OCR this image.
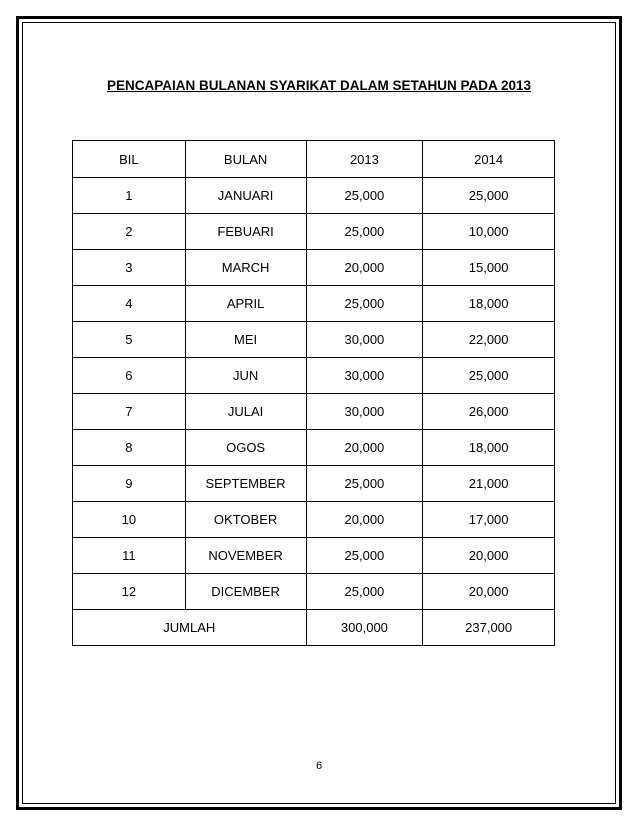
PENCAPAIAN BULANAN SYARIKAT DALAM SETAHUN PADA 2013
BIL	BULAN	2013	2014
1	JANUARI	25,000	25,000
2	FEBUARI	25,000	10,000
3	MARCH	20,000	15,000
4	APRIL	25,000	18,000
5	MEI	30,000	22,000
6	JUN	30,000	25,000
7	JULAI	30,000	26,000
8	OGOS	20,000	18,000
9	SEPTEMBER	25,000	21,000
10	OKTOBER	20,000	17,000
11	NOVEMBER	25,000	20,000
12	DICEMBER	25,000	20,000
JUMLAH		300,000	237,000
6
